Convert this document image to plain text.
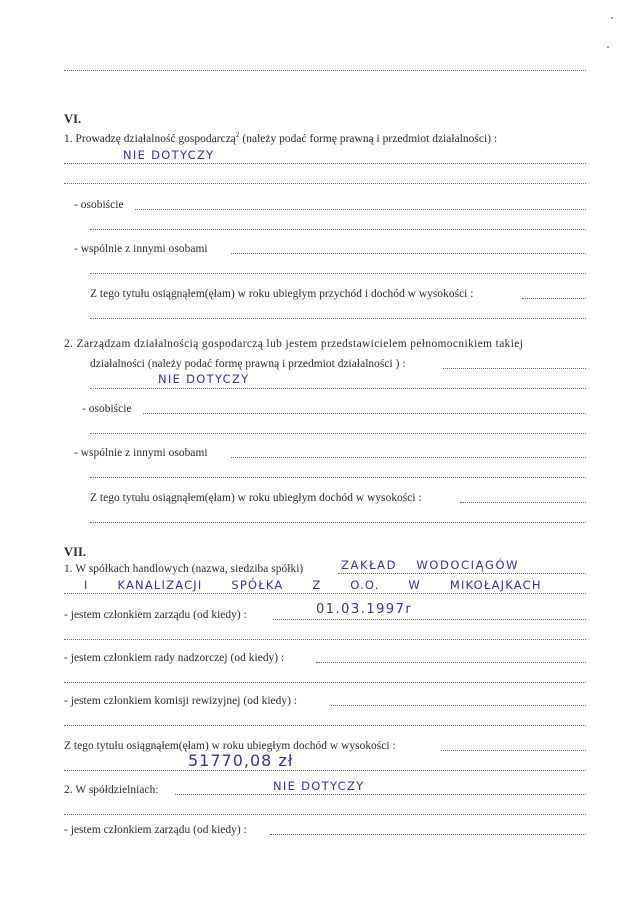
VI.
1. Prowadzę działalność gospodarczą$^2$ (należy podać formę prawną i przedmiot działalności) :
NIE DOTYCZY
- osobiście
- wspólnie z innymi osobami
Z tego tytułu osiągnąłem(ęłam) w roku ubiegłym przychód i dochód w wysokości :
2. Zarządzam działalnością gospodarczą lub jestem przedstawicielem pełnomocnikiem takiej
działalności (należy podać formę prawną i przedmiot działalności ) :
NIE DOTYCZY
- osobiście
- wspólnie z innymi osobami
Z tego tytułu osiągnąłem(ęłam) w roku ubiegłym dochód w wysokości :
VII.
1. W spółkach handlowych (nazwa, siedziba spółki)	ZAKŁAD WODOCIĄGÓW
I KANALIZACJI SPÓŁKA Z O.O. W MIKOŁAJKACH
- jestem członkiem zarządu (od kiedy) :	01.03.1997r
- jestem członkiem rady nadzorczej (od kiedy) :
- jestem członkiem komisji rewizyjnej (od kiedy) :
Z tego tytułu osiągnąłem(ęłam) w roku ubiegłym dochód w wysokości :
51770,08 zł
2. W spółdzielniach:	NIE DOTYCZY
- jestem członkiem zarządu (od kiedy) :
